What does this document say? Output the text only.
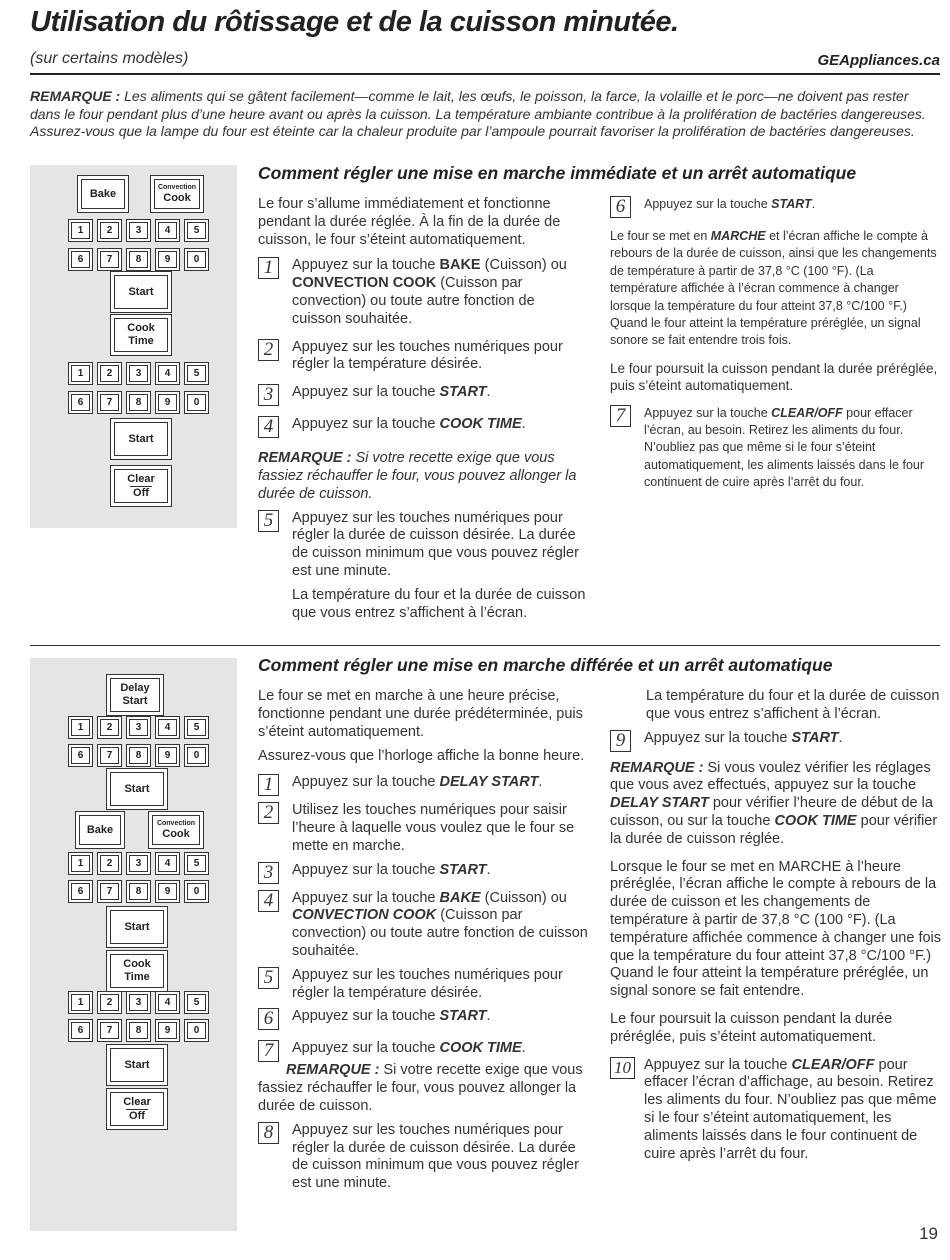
Utilisation du rôtissage et de la cuisson minutée.
(sur certains modèles)	GEAppliances.ca
REMARQUE : Les aliments qui se gâtent facilement—comme le lait, les œufs, le poisson, la farce, la volaille et le porc—ne doivent pas rester dans le four pendant plus d’une heure avant ou après la cuisson. La température ambiante contribue à la prolifération de bactéries dangereuses. Assurez-vous que la lampe du four est éteinte car la chaleur produite par l’ampoule pourrait favoriser la prolifération de bactéries dangereuses.
Bake
Convection
Cook
1	2	3	4	5
6	7	8	9	0
Start
Cook
Time
1	2	3	4	5
6	7	8	9	0
Start
Clear
Off
Comment régler une mise en marche immédiate et un arrêt automatique

Le four s’allume immédiatement et fonctionne pendant la durée réglée. À la fin de la durée de cuisson, le four s’éteint automatiquement.

1	Appuyez sur la touche BAKE (Cuisson) ou CONVECTION COOK (Cuisson par convection) ou toute autre fonction de cuisson souhaitée.

2	Appuyez sur les touches numériques pour régler la température désirée.

3	Appuyez sur la touche START.

4	Appuyez sur la touche COOK TIME.

REMARQUE : Si votre recette exige que vous fassiez réchauffer le four, vous pouvez allonger la durée de cuisson.

5	Appuyez sur les touches numériques pour régler la durée de cuisson désirée. La durée de cuisson minimum que vous pouvez régler est une minute.

La température du four et la durée de cuisson que vous entrez s’affichent à l’écran.

6	Appuyez sur la touche START.

Le four se met en MARCHE et l’écran affiche le compte à rebours de la durée de cuisson, ainsi que les changements de température à partir de 37,8 °C (100 °F). (La température affichée à l’écran commence à changer lorsque la température du four atteint 37,8 °C/100 °F.) Quand le four atteint la température préréglée, un signal sonore se fait entendre trois fois.

Le four poursuit la cuisson pendant la durée préréglée, puis s’éteint automatiquement.

7	Appuyez sur la touche CLEAR/OFF pour effacer l’écran, au besoin. Retirez les aliments du four. N’oubliez pas que même si le four s’éteint automatiquement, les aliments laissés dans le four continuent de cuire après l’arrêt du four.

Delay
Start
1	2	3	4	5
6	7	8	9	0
Start
Bake
Convection
Cook
1	2	3	4	5
6	7	8	9	0
Start
Cook
Time
1	2	3	4	5
6	7	8	9	0
Start
Clear
Off
Comment régler une mise en marche différée et un arrêt automatique

Le four se met en marche à une heure précise, fonctionne pendant une durée prédéterminée, puis s’éteint automatiquement.

Assurez-vous que l’horloge affiche la bonne heure.

1	Appuyez sur la touche DELAY START.

2	Utilisez les touches numériques pour saisir l’heure à laquelle vous voulez que le four se mette en marche.

3	Appuyez sur la touche START.

4	Appuyez sur la touche BAKE (Cuisson) ou CONVECTION COOK (Cuisson par convection) ou toute autre fonction de cuisson souhaitée.

5	Appuyez sur les touches numériques pour régler la température désirée.

6	Appuyez sur la touche START.

7	Appuyez sur la touche COOK TIME.

REMARQUE : Si votre recette exige que vous fassiez réchauffer le four, vous pouvez allonger la durée de cuisson.

8	Appuyez sur les touches numériques pour régler la durée de cuisson désirée. La durée de cuisson minimum que vous pouvez régler est une minute.

La température du four et la durée de cuisson que vous entrez s’affichent à l’écran.

9	Appuyez sur la touche START.

REMARQUE : Si vous voulez vérifier les réglages que vous avez effectués, appuyez sur la touche DELAY START pour vérifier l’heure de début de la cuisson, ou sur la touche COOK TIME pour vérifier la durée de cuisson réglée.

Lorsque le four se met en MARCHE à l’heure préréglée, l’écran affiche le compte à rebours de la durée de cuisson et les changements de température à partir de 37,8 °C (100 °F). (La température affichée commence à changer une fois que la température du four atteint 37,8 °C/100 °F.) Quand le four atteint la température préréglée, un signal sonore se fait entendre.

Le four poursuit la cuisson pendant la durée préréglée, puis s’éteint automatiquement.

10 Appuyez sur la touche CLEAR/OFF pour effacer l’écran d’affichage, au besoin. Retirez les aliments du four. N’oubliez pas que même si le four s’éteint automatiquement, les aliments laissés dans le four continuent de cuire après l’arrêt du four.

19
